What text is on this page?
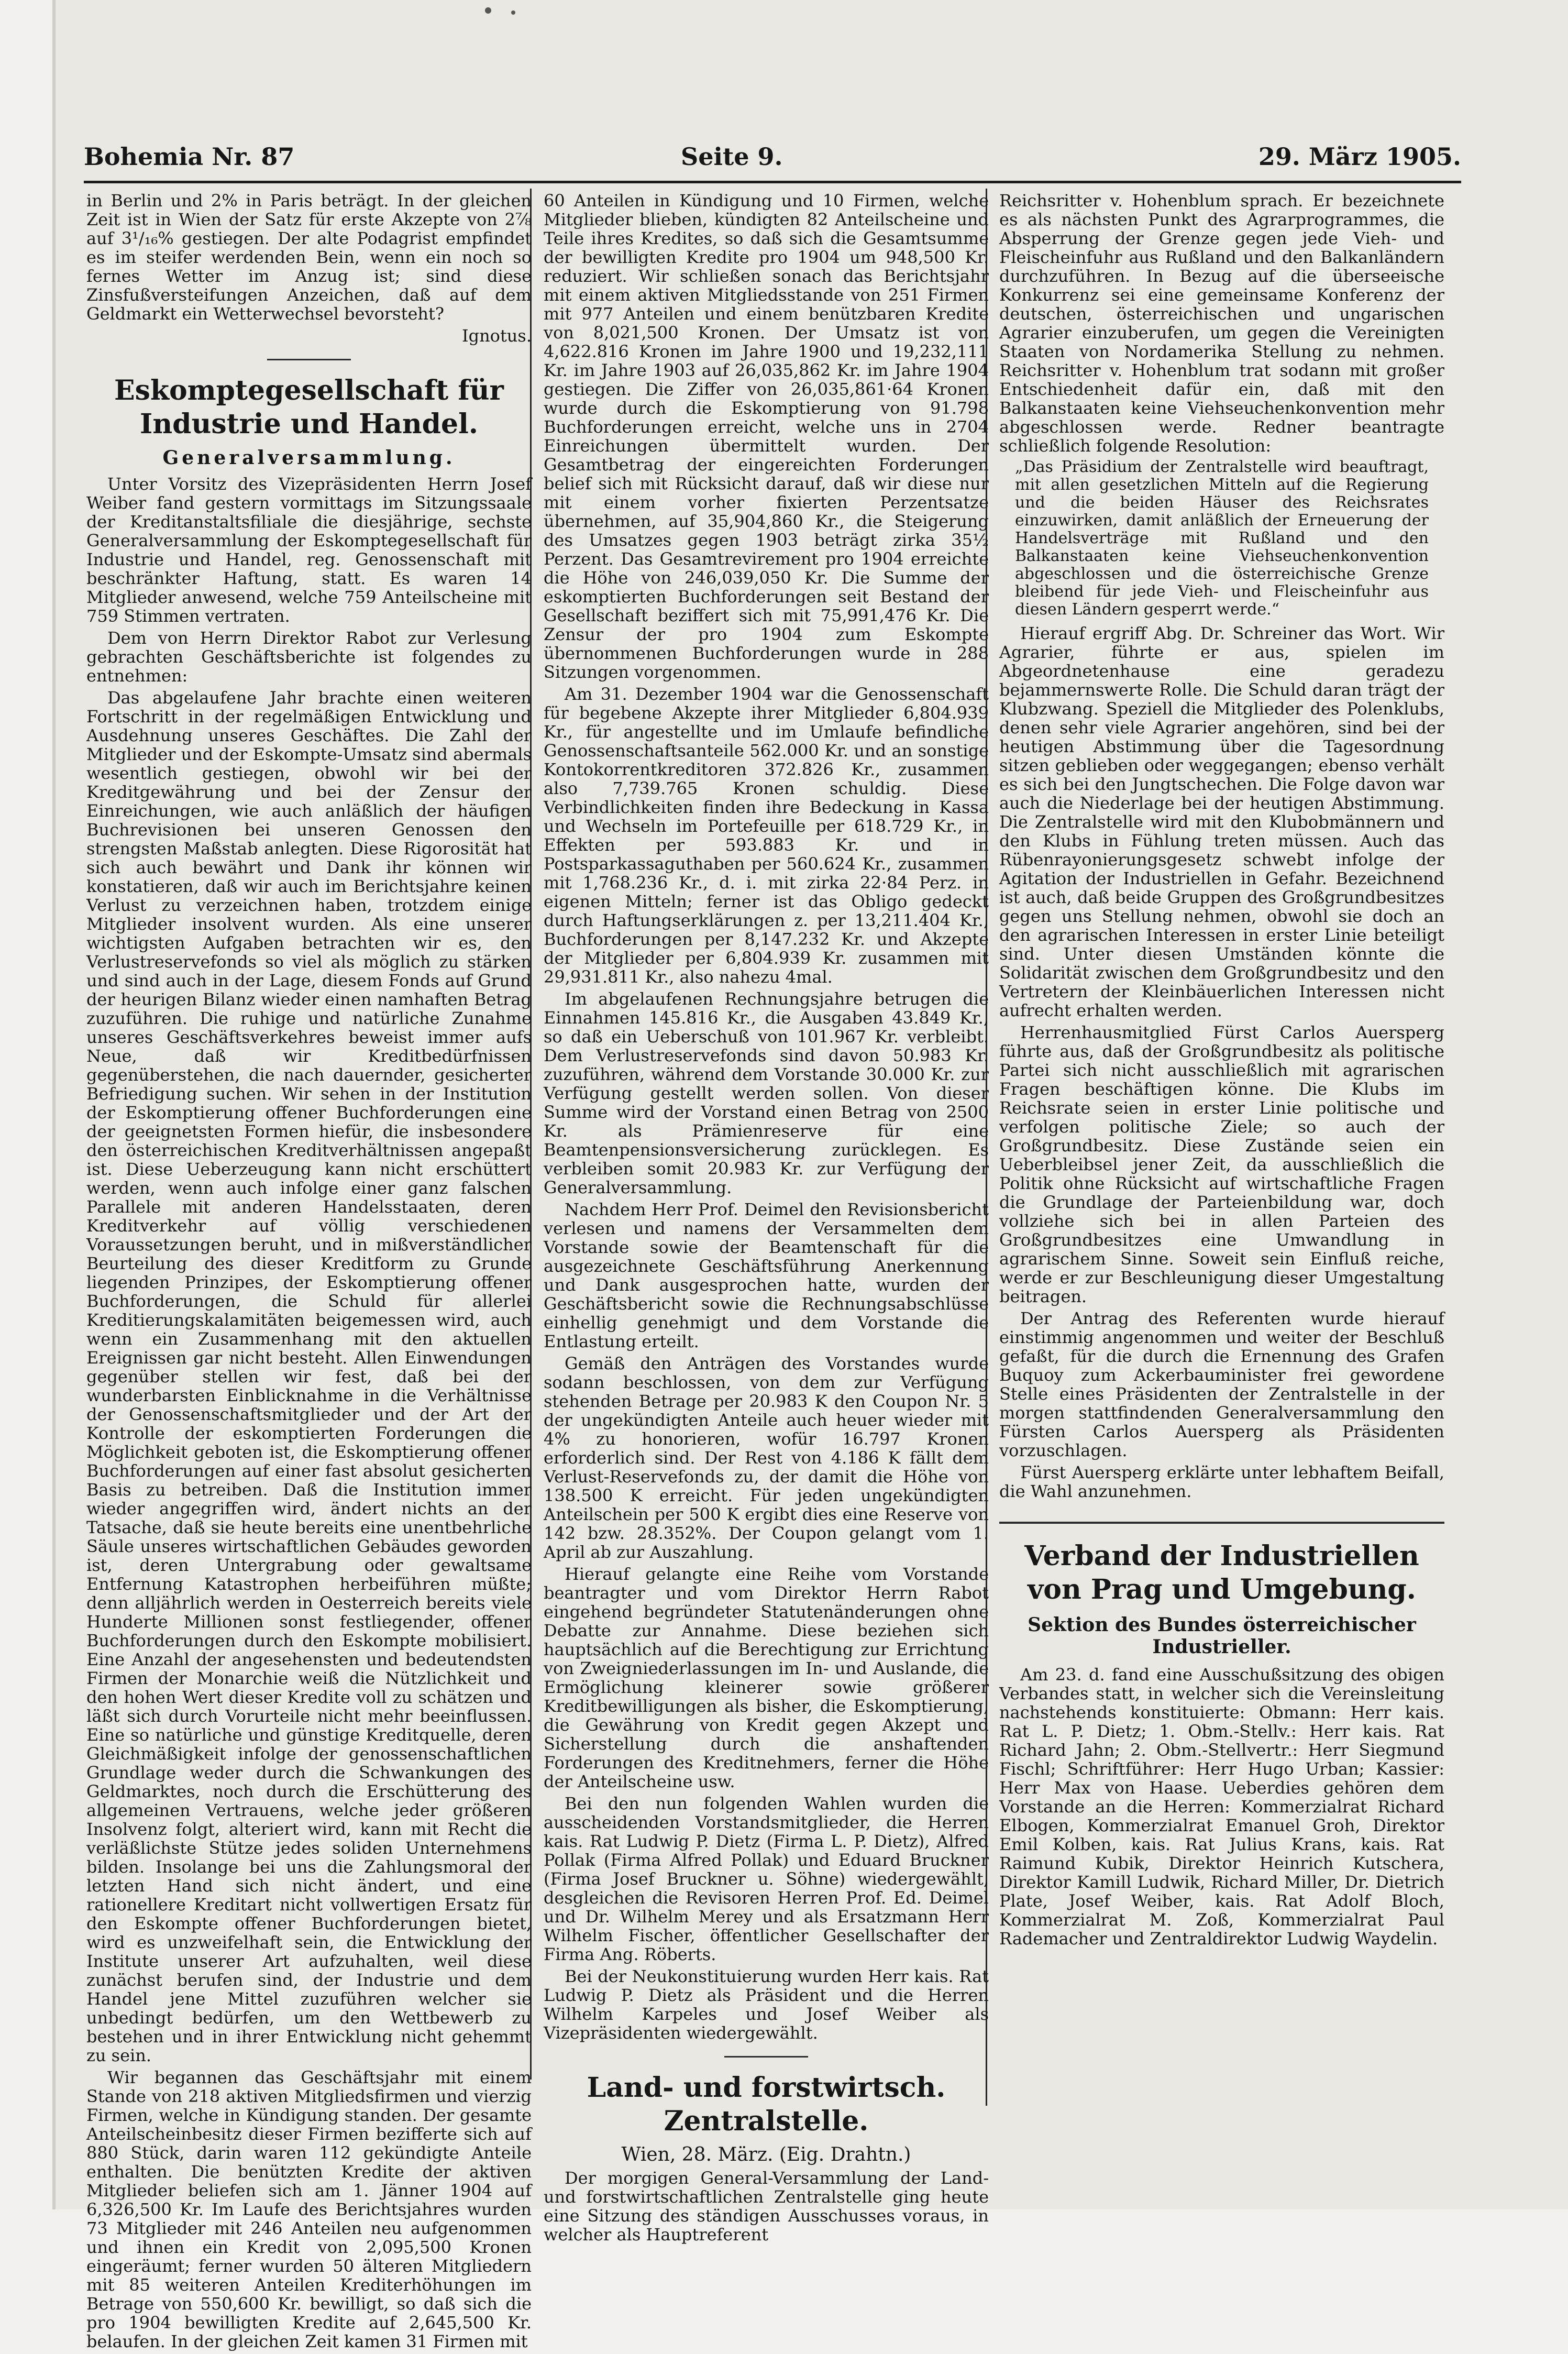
Bohemia Nr. 87	Seite 9.	29. März 1905.

in Berlin und 2% in Paris beträgt. In der gleichen Zeit ist in Wien der Satz für erste Akzepte von 2⅞ auf 3¹/₁₆% gestiegen. Der alte Podagrist empfindet es im steifer werdenden Bein, wenn ein noch so fernes Wetter im Anzug ist; sind diese Zinsfußversteifungen Anzeichen, daß auf dem Geldmarkt ein Wetterwechsel bevorsteht?

Ignotus.

Eskomptegesellschaft für Industrie und Handel.
Generalversammlung.

Unter Vorsitz des Vizepräsidenten Herrn Josef Weiber fand gestern vormittags im Sitzungssaale der Kreditanstaltsfiliale die diesjährige, sechste Generalversammlung der Eskomptegesellschaft für Industrie und Handel, reg. Genossenschaft mit beschränkter Haftung, statt. Es waren 14 Mitglieder anwesend, welche 759 Anteilscheine mit 759 Stimmen vertraten.

Dem von Herrn Direktor Rabot zur Verlesung gebrachten Geschäftsberichte ist folgendes zu entnehmen:

Das abgelaufene Jahr brachte einen weiteren Fortschritt in der regelmäßigen Entwicklung und Ausdehnung unseres Geschäftes. Die Zahl der Mitglieder und der Eskompte-Umsatz sind abermals wesentlich gestiegen, obwohl wir bei der Kreditgewährung und bei der Zensur der Einreichungen, wie auch anläßlich der häufigen Buchrevisionen bei unseren Genossen den strengsten Maßstab anlegten. Diese Rigorosität hat sich auch bewährt und Dank ihr können wir konstatieren, daß wir auch im Berichtsjahre keinen Verlust zu verzeichnen haben, trotzdem einige Mitglieder insolvent wurden. Als eine unserer wichtigsten Aufgaben betrachten wir es, den Verlustreservefonds so viel als möglich zu stärken und sind auch in der Lage, diesem Fonds auf Grund der heurigen Bilanz wieder einen namhaften Betrag zuzuführen. Die ruhige und natürliche Zunahme unseres Geschäftsverkehres beweist immer aufs Neue, daß wir Kreditbedürfnissen gegenüberstehen, die nach dauernder, gesicherter Befriedigung suchen. Wir sehen in der Institution der Eskomptierung offener Buchforderungen eine der geeignetsten Formen hiefür, die insbesondere den österreichischen Kreditverhältnissen angepaßt ist. Diese Ueberzeugung kann nicht erschüttert werden, wenn auch infolge einer ganz falschen Parallele mit anderen Handelsstaaten, deren Kreditverkehr auf völlig verschiedenen Voraussetzungen beruht, und in mißverständlicher Beurteilung des dieser Kreditform zu Grunde liegenden Prinzipes, der Eskomptierung offener Buchforderungen, die Schuld für allerlei Kreditierungskalamitäten beigemessen wird, auch wenn ein Zusammenhang mit den aktuellen Ereignissen gar nicht besteht. Allen Einwendungen gegenüber stellen wir fest, daß bei der wunderbarsten Einblicknahme in die Verhältnisse der Genossenschaftsmitglieder und der Art der Kontrolle der eskomptierten Forderungen die Möglichkeit geboten ist, die Eskomptierung offener Buchforderungen auf einer fast absolut gesicherten Basis zu betreiben. Daß die Institution immer wieder angegriffen wird, ändert nichts an der Tatsache, daß sie heute bereits eine unentbehrliche Säule unseres wirtschaftlichen Gebäudes geworden ist, deren Untergrabung oder gewaltsame Entfernung Katastrophen herbeiführen müßte; denn alljährlich werden in Oesterreich bereits viele Hunderte Millionen sonst festliegender, offener Buchforderungen durch den Eskompte mobilisiert. Eine Anzahl der angesehensten und bedeutendsten Firmen der Monarchie weiß die Nützlichkeit und den hohen Wert dieser Kredite voll zu schätzen und läßt sich durch Vorurteile nicht mehr beeinflussen. Eine so natürliche und günstige Kreditquelle, deren Gleichmäßigkeit infolge der genossenschaftlichen Grundlage weder durch die Schwankungen des Geldmarktes, noch durch die Erschütterung des allgemeinen Vertrauens, welche jeder größeren Insolvenz folgt, alteriert wird, kann mit Recht die verläßlichste Stütze jedes soliden Unternehmens bilden. Insolange bei uns die Zahlungsmoral der letzten Hand sich nicht ändert, und eine rationellere Kreditart nicht vollwertigen Ersatz für den Eskompte offener Buchforderungen bietet, wird es unzweifelhaft sein, die Entwicklung der Institute unserer Art aufzuhalten, weil diese zunächst berufen sind, der Industrie und dem Handel jene Mittel zuzuführen welcher sie unbedingt bedürfen, um den Wettbewerb zu bestehen und in ihrer Entwicklung nicht gehemmt zu sein.

Wir begannen das Geschäftsjahr mit einem Stande von 218 aktiven Mitgliedsfirmen und vierzig Firmen, welche in Kündigung standen. Der gesamte Anteilscheinbesitz dieser Firmen bezifferte sich auf 880 Stück, darin waren 112 gekündigte Anteile enthalten. Die benützten Kredite der aktiven Mitglieder beliefen sich am 1. Jänner 1904 auf 6,326,500 Kr. Im Laufe des Berichtsjahres wurden 73 Mitglieder mit 246 Anteilen neu aufgenommen und ihnen ein Kredit von 2,095,500 Kronen eingeräumt; ferner wurden 50 älteren Mitgliedern mit 85 weiteren Anteilen Krediterhöhungen im Betrage von 550,600 Kr. bewilligt, so daß sich die pro 1904 bewilligten Kredite auf 2,645,500 Kr. belaufen. In der gleichen Zeit kamen 31 Firmen mit

60 Anteilen in Kündigung und 10 Firmen, welche Mitglieder blieben, kündigten 82 Anteilscheine und Teile ihres Kredites, so daß sich die Gesamtsumme der bewilligten Kredite pro 1904 um 948,500 Kr. reduziert. Wir schließen sonach das Berichtsjahr mit einem aktiven Mitgliedsstande von 251 Firmen mit 977 Anteilen und einem benützbaren Kredite von 8,021,500 Kronen. Der Umsatz ist von 4,622.816 Kronen im Jahre 1900 und 19,232,111 Kr. im Jahre 1903 auf 26,035,862 Kr. im Jahre 1904 gestiegen. Die Ziffer von 26,035,861·64 Kronen wurde durch die Eskomptierung von 91.798 Buchforderungen erreicht, welche uns in 2704 Einreichungen übermittelt wurden. Der Gesamtbetrag der eingereichten Forderungen belief sich mit Rücksicht darauf, daß wir diese nur mit einem vorher fixierten Perzentsatze übernehmen, auf 35,904,860 Kr., die Steigerung des Umsatzes gegen 1903 beträgt zirka 35½ Perzent. Das Gesamtrevirement pro 1904 erreichte die Höhe von 246,039,050 Kr. Die Summe der eskomptierten Buchforderungen seit Bestand der Gesellschaft beziffert sich mit 75,991,476 Kr. Die Zensur der pro 1904 zum Eskompte übernommenen Buchforderungen wurde in 288 Sitzungen vorgenommen.

Am 31. Dezember 1904 war die Genossenschaft für begebene Akzepte ihrer Mitglieder 6,804.939 Kr., für angestellte und im Umlaufe befindliche Genossenschaftsanteile 562.000 Kr. und an sonstige Kontokorrentkreditoren 372.826 Kr., zusammen also 7,739.765 Kronen schuldig. Diese Verbindlichkeiten finden ihre Bedeckung in Kassa und Wechseln im Portefeuille per 618.729 Kr., in Effekten per 593.883 Kr. und in Postsparkassaguthaben per 560.624 Kr., zusammen mit 1,768.236 Kr., d. i. mit zirka 22·84 Perz. in eigenen Mitteln; ferner ist das Obligo gedeckt durch Haftungserklärungen z. per 13,211.404 Kr., Buchforderungen per 8,147.232 Kr. und Akzepte der Mitglieder per 6,804.939 Kr. zusammen mit 29,931.811 Kr., also nahezu 4mal.

Im abgelaufenen Rechnungsjahre betrugen die Einnahmen 145.816 Kr., die Ausgaben 43.849 Kr., so daß ein Ueberschuß von 101.967 Kr. verbleibt. Dem Verlustreservefonds sind davon 50.983 Kr. zuzuführen, während dem Vorstande 30.000 Kr. zur Verfügung gestellt werden sollen. Von dieser Summe wird der Vorstand einen Betrag von 2500 Kr. als Prämienreserve für eine Beamtenpensionsversicherung zurücklegen. Es verbleiben somit 20.983 Kr. zur Verfügung der Generalversammlung.

Nachdem Herr Prof. Deimel den Revisionsbericht verlesen und namens der Versammelten dem Vorstande sowie der Beamtenschaft für die ausgezeichnete Geschäftsführung Anerkennung und Dank ausgesprochen hatte, wurden der Geschäftsbericht sowie die Rechnungsabschlüsse einhellig genehmigt und dem Vorstande die Entlastung erteilt.

Gemäß den Anträgen des Vorstandes wurde sodann beschlossen, von dem zur Verfügung stehenden Betrage per 20.983 K den Coupon Nr. 5 der ungekündigten Anteile auch heuer wieder mit 4% zu honorieren, wofür 16.797 Kronen erforderlich sind. Der Rest von 4.186 K fällt dem Verlust-Reservefonds zu, der damit die Höhe von 138.500 K erreicht. Für jeden ungekündigten Anteilschein per 500 K ergibt dies eine Reserve von 142 bzw. 28.352%. Der Coupon gelangt vom 1. April ab zur Auszahlung.

Hierauf gelangte eine Reihe vom Vorstande beantragter und vom Direktor Herrn Rabot eingehend begründeter Statutenänderungen ohne Debatte zur Annahme. Diese beziehen sich hauptsächlich auf die Berechtigung zur Errichtung von Zweigniederlassungen im In- und Auslande, die Ermöglichung kleinerer sowie größerer Kreditbewilligungen als bisher, die Eskomptierung, die Gewährung von Kredit gegen Akzept und Sicherstellung durch die anshaftenden Forderungen des Kreditnehmers, ferner die Höhe der Anteilscheine usw.

Bei den nun folgenden Wahlen wurden die ausscheidenden Vorstandsmitglieder, die Herren kais. Rat Ludwig P. Dietz (Firma L. P. Dietz), Alfred Pollak (Firma Alfred Pollak) und Eduard Bruckner (Firma Josef Bruckner u. Söhne) wiedergewählt, desgleichen die Revisoren Herren Prof. Ed. Deimel und Dr. Wilhelm Merey und als Ersatzmann Herr Wilhelm Fischer, öffentlicher Gesellschafter der Firma Ang. Röberts.

Bei der Neukonstituierung wurden Herr kais. Rat Ludwig P. Dietz als Präsident und die Herren Wilhelm Karpeles und Josef Weiber als Vizepräsidenten wiedergewählt.

Land- und forstwirtsch. Zentralstelle.
Wien, 28. März. (Eig. Drahtn.)

Der morgigen General-Versammlung der Land- und forstwirtschaftlichen Zentralstelle ging heute eine Sitzung des ständigen Ausschusses voraus, in welcher als Hauptreferent

Reichsritter v. Hohenblum sprach. Er bezeichnete es als nächsten Punkt des Agrarprogrammes, die Absperrung der Grenze gegen jede Vieh- und Fleischeinfuhr aus Rußland und den Balkanländern durchzuführen. In Bezug auf die überseeische Konkurrenz sei eine gemeinsame Konferenz der deutschen, österreichischen und ungarischen Agrarier einzuberufen, um gegen die Vereinigten Staaten von Nordamerika Stellung zu nehmen. Reichsritter v. Hohenblum trat sodann mit großer Entschiedenheit dafür ein, daß mit den Balkanstaaten keine Viehseuchenkonvention mehr abgeschlossen werde. Redner beantragte schließlich folgende Resolution:

„Das Präsidium der Zentralstelle wird beauftragt, mit allen gesetzlichen Mitteln auf die Regierung und die beiden Häuser des Reichsrates einzuwirken, damit anläßlich der Erneuerung der Handelsverträge mit Rußland und den Balkanstaaten keine Viehseuchenkonvention abgeschlossen und die österreichische Grenze bleibend für jede Vieh- und Fleischeinfuhr aus diesen Ländern gesperrt werde.“

Hierauf ergriff Abg. Dr. Schreiner das Wort. Wir Agrarier, führte er aus, spielen im Abgeordnetenhause eine geradezu bejammernswerte Rolle. Die Schuld daran trägt der Klubzwang. Speziell die Mitglieder des Polenklubs, denen sehr viele Agrarier angehören, sind bei der heutigen Abstimmung über die Tagesordnung sitzen geblieben oder weggegangen; ebenso verhält es sich bei den Jungtschechen. Die Folge davon war auch die Niederlage bei der heutigen Abstimmung. Die Zentralstelle wird mit den Klubobmännern und den Klubs in Fühlung treten müssen. Auch das Rübenrayonierungsgesetz schwebt infolge der Agitation der Industriellen in Gefahr. Bezeichnend ist auch, daß beide Gruppen des Großgrundbesitzes gegen uns Stellung nehmen, obwohl sie doch an den agrarischen Interessen in erster Linie beteiligt sind. Unter diesen Umständen könnte die Solidarität zwischen dem Großgrundbesitz und den Vertretern der Kleinbäuerlichen Interessen nicht aufrecht erhalten werden.

Herrenhausmitglied Fürst Carlos Auersperg führte aus, daß der Großgrundbesitz als politische Partei sich nicht ausschließlich mit agrarischen Fragen beschäftigen könne. Die Klubs im Reichsrate seien in erster Linie politische und verfolgen politische Ziele; so auch der Großgrundbesitz. Diese Zustände seien ein Ueberbleibsel jener Zeit, da ausschließlich die Politik ohne Rücksicht auf wirtschaftliche Fragen die Grundlage der Parteienbildung war, doch vollziehe sich bei in allen Parteien des Großgrundbesitzes eine Umwandlung in agrarischem Sinne. Soweit sein Einfluß reiche, werde er zur Beschleunigung dieser Umgestaltung beitragen.

Der Antrag des Referenten wurde hierauf einstimmig angenommen und weiter der Beschluß gefaßt, für die durch die Ernennung des Grafen Buquoy zum Ackerbauminister frei gewordene Stelle eines Präsidenten der Zentralstelle in der morgen stattfindenden Generalversammlung den Fürsten Carlos Auersperg als Präsidenten vorzuschlagen.

Fürst Auersperg erklärte unter lebhaftem Beifall, die Wahl anzunehmen.

Verband der Industriellen von Prag und Umgebung.
Sektion des Bundes österreichischer Industrieller.

Am 23. d. fand eine Ausschußsitzung des obigen Verbandes statt, in welcher sich die Vereinsleitung nachstehends konstituierte: Obmann: Herr kais. Rat L. P. Dietz; 1. Obm.-Stellv.: Herr kais. Rat Richard Jahn; 2. Obm.-Stellvertr.: Herr Siegmund Fischl; Schriftführer: Herr Hugo Urban; Kassier: Herr Max von Haase. Ueberdies gehören dem Vorstande an die Herren: Kommerzialrat Richard Elbogen, Kommerzialrat Emanuel Groh, Direktor Emil Kolben, kais. Rat Julius Krans, kais. Rat Raimund Kubik, Direktor Heinrich Kutschera, Direktor Kamill Ludwik, Richard Miller, Dr. Dietrich Plate, Josef Weiber, kais. Rat Adolf Bloch, Kommerzialrat M. Zoß, Kommerzialrat Paul Rademacher und Zentraldirektor Ludwig Waydelin.
